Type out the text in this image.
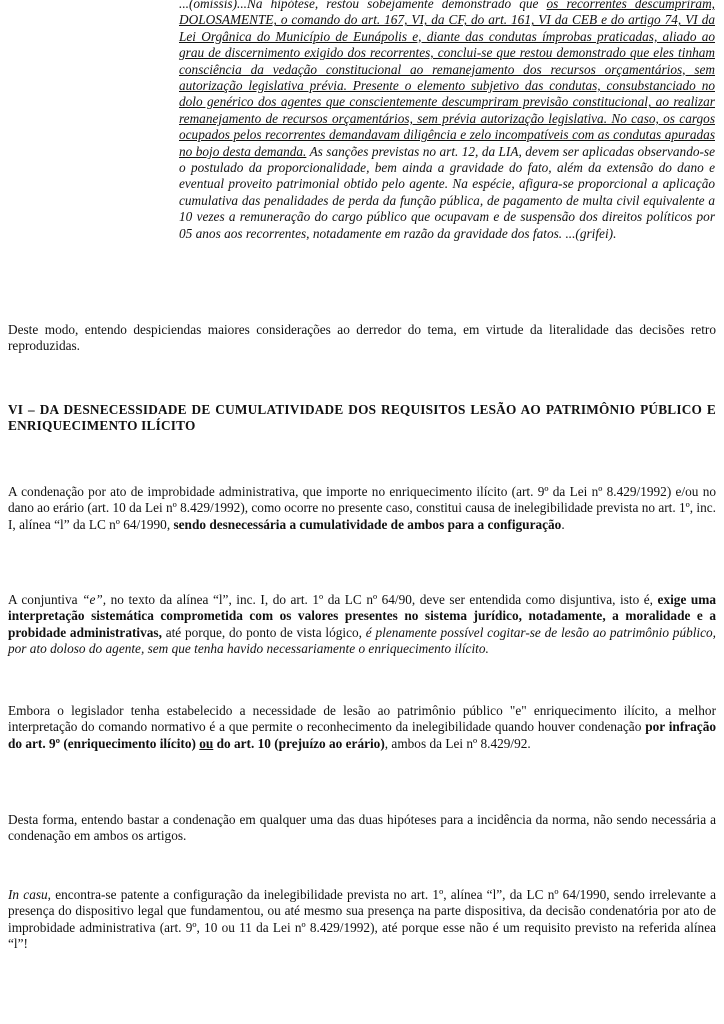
...(omissis)...Na hipótese, restou sobejamente demonstrado que os recorrentes descumpriram, DOLOSAMENTE, o comando do art. 167, VI, da CF, do art. 161, VI da CEB e do artigo 74, VI da Lei Orgânica do Município de Eunápolis e, diante das condutas ímprobas praticadas, aliado ao grau de discernimento exigido dos recorrentes, conclui-se que restou demonstrado que eles tinham consciência da vedação constitucional ao remanejamento dos recursos orçamentários, sem autorização legislativa prévia. Presente o elemento subjetivo das condutas, consubstanciado no dolo genérico dos agentes que conscientemente descumpriram previsão constitucional, ao realizar remanejamento de recursos orçamentários, sem prévia autorização legislativa. No caso, os cargos ocupados pelos recorrentes demandavam diligência e zelo incompatíveis com as condutas apuradas no bojo desta demanda. As sanções previstas no art. 12, da LIA, devem ser aplicadas observando-se o postulado da proporcionalidade, bem ainda a gravidade do fato, além da extensão do dano e eventual proveito patrimonial obtido pelo agente. Na espécie, afigura-se proporcional a aplicação cumulativa das penalidades de perda da função pública, de pagamento de multa civil equivalente a 10 vezes a remuneração do cargo público que ocupavam e de suspensão dos direitos políticos por 05 anos aos recorrentes, notadamente em razão da gravidade dos fatos. ...(grifei).

Deste modo, entendo despiciendas maiores considerações ao derredor do tema, em virtude da literalidade das decisões retro reproduzidas.

VI – DA DESNECESSIDADE DE CUMULATIVIDADE DOS REQUISITOS LESÃO AO PATRIMÔNIO PÚBLICO E ENRIQUECIMENTO ILÍCITO

A condenação por ato de improbidade administrativa, que importe no enriquecimento ilícito (art. 9º da Lei nº 8.429/1992) e/ou no dano ao erário (art. 10 da Lei nº 8.429/1992), como ocorre no presente caso, constitui causa de inelegibilidade prevista no art. 1º, inc. I, alínea “l” da LC nº 64/1990, sendo desnecessária a cumulatividade de ambos para a configuração.

A conjuntiva “e”, no texto da alínea “l”, inc. I, do art. 1º da LC nº 64/90, deve ser entendida como disjuntiva, isto é, exige uma interpretação sistemática comprometida com os valores presentes no sistema jurídico, notadamente, a moralidade e a probidade administrativas, até porque, do ponto de vista lógico, é plenamente possível cogitar-se de lesão ao patrimônio público, por ato doloso do agente, sem que tenha havido necessariamente o enriquecimento ilícito.

Embora o legislador tenha estabelecido a necessidade de lesão ao patrimônio público "e" enriquecimento ilícito, a melhor interpretação do comando normativo é a que permite o reconhecimento da inelegibilidade quando houver condenação por infração do art. 9º (enriquecimento ilícito) ou do art. 10 (prejuízo ao erário), ambos da Lei nº 8.429/92.

Desta forma, entendo bastar a condenação em qualquer uma das duas hipóteses para a incidência da norma, não sendo necessária a condenação em ambos os artigos.

In casu, encontra-se patente a configuração da inelegibilidade prevista no art. 1º, alínea “l”, da LC nº 64/1990, sendo irrelevante a presença do dispositivo legal que fundamentou, ou até mesmo sua presença na parte dispositiva, da decisão condenatória por ato de improbidade administrativa (art. 9º, 10 ou 11 da Lei nº 8.429/1992), até porque esse não é um requisito previsto na referida alínea “l”!
